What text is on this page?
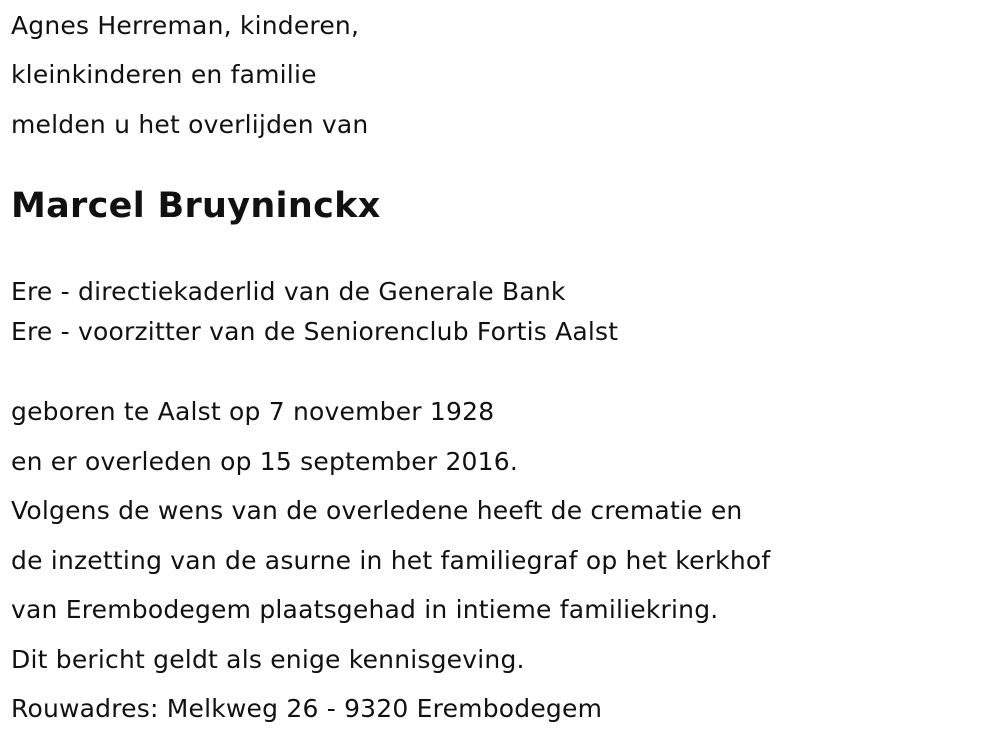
Agnes Herreman, kinderen,
kleinkinderen en familie
melden u het overlijden van
Marcel Bruyninckx
Ere - directiekaderlid van de Generale Bank
Ere - voorzitter van de Seniorenclub Fortis Aalst
geboren te Aalst op 7 november 1928
en er overleden op 15 september 2016.
Volgens de wens van de overledene heeft de crematie en
de inzetting van de asurne in het familiegraf op het kerkhof
van Erembodegem plaatsgehad in intieme familiekring.
Dit bericht geldt als enige kennisgeving.
Rouwadres: Melkweg 26 - 9320 Erembodegem
